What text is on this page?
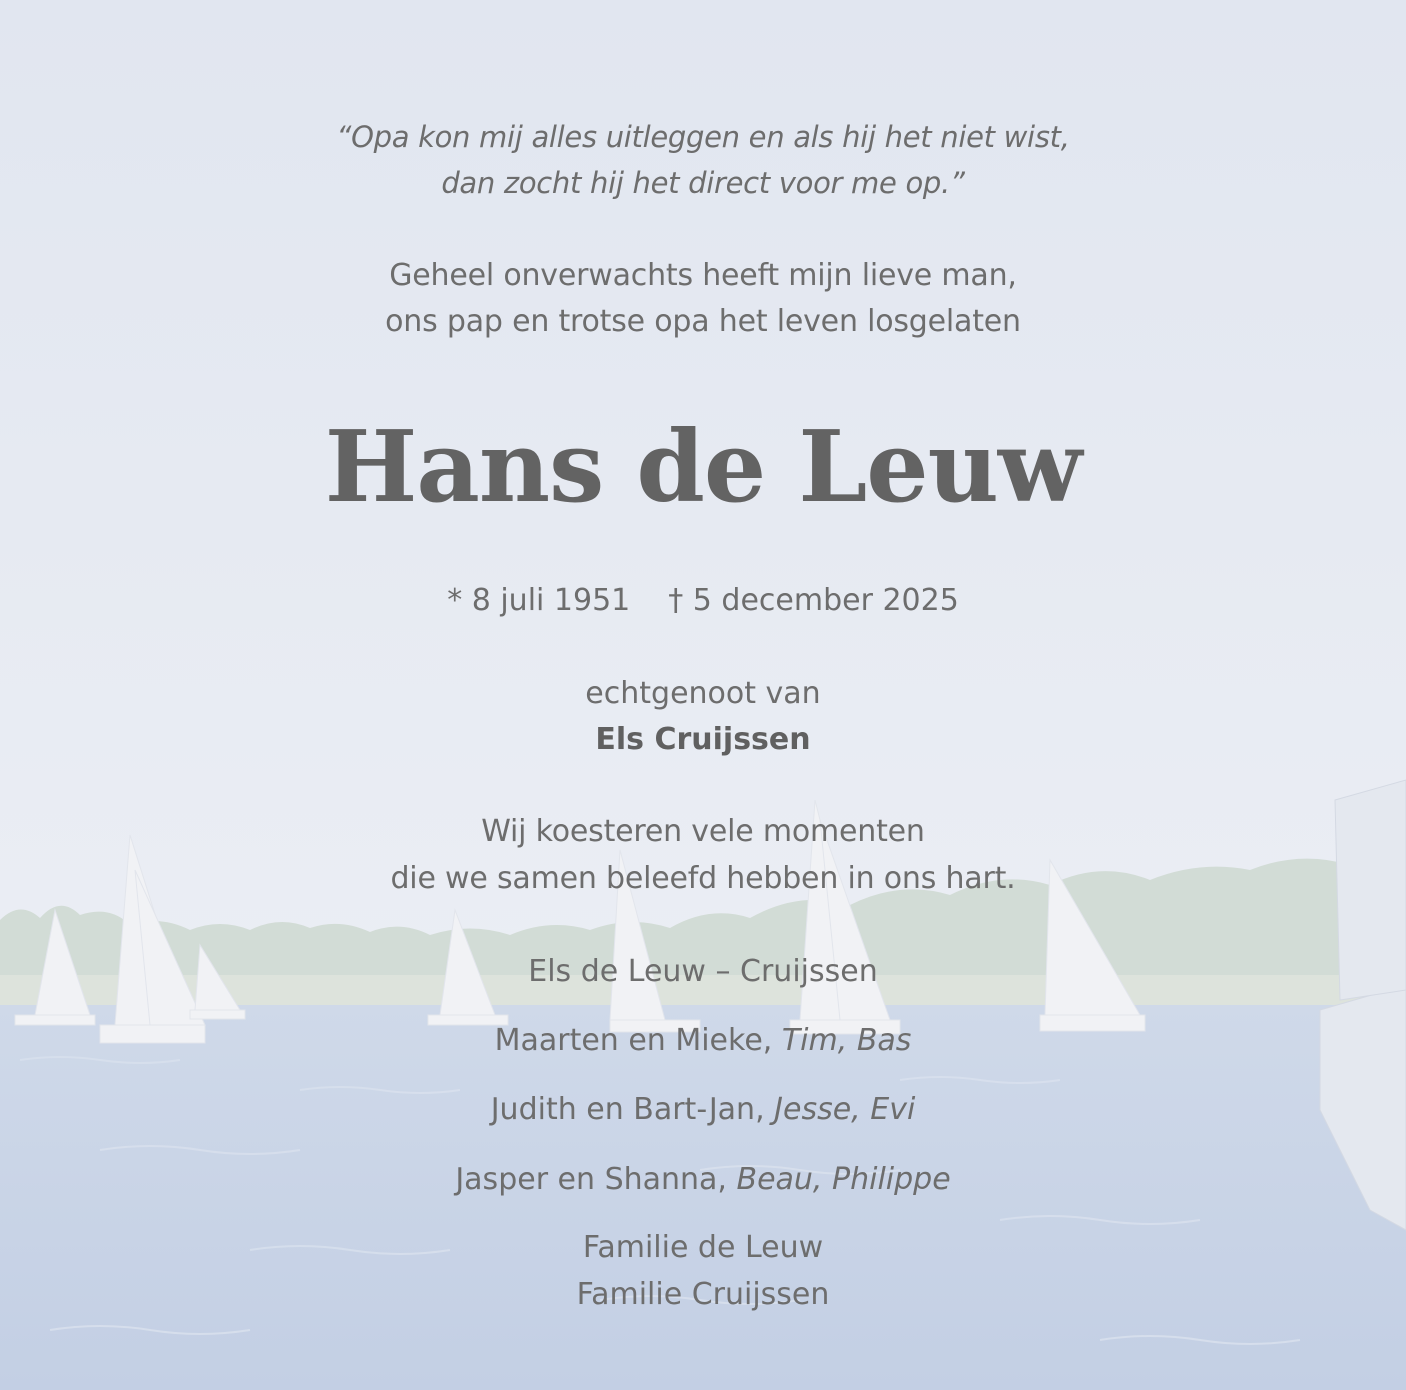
“Opa kon mij alles uitleggen en als hij het niet wist,
dan zocht hij het direct voor me op.”
Geheel onverwachts heeft mijn lieve man,
ons pap en trotse opa het leven losgelaten
Hans de Leuw
* 8 juli 1951 † 5 december 2025
echtgenoot van
Els Cruijssen
Wij koesteren vele momenten
die we samen beleefd hebben in ons hart.
Els de Leuw – Cruijssen
Maarten en Mieke, Tim, Bas
Judith en Bart-Jan, Jesse, Evi
Jasper en Shanna, Beau, Philippe
Familie de Leuw
Familie Cruijssen
